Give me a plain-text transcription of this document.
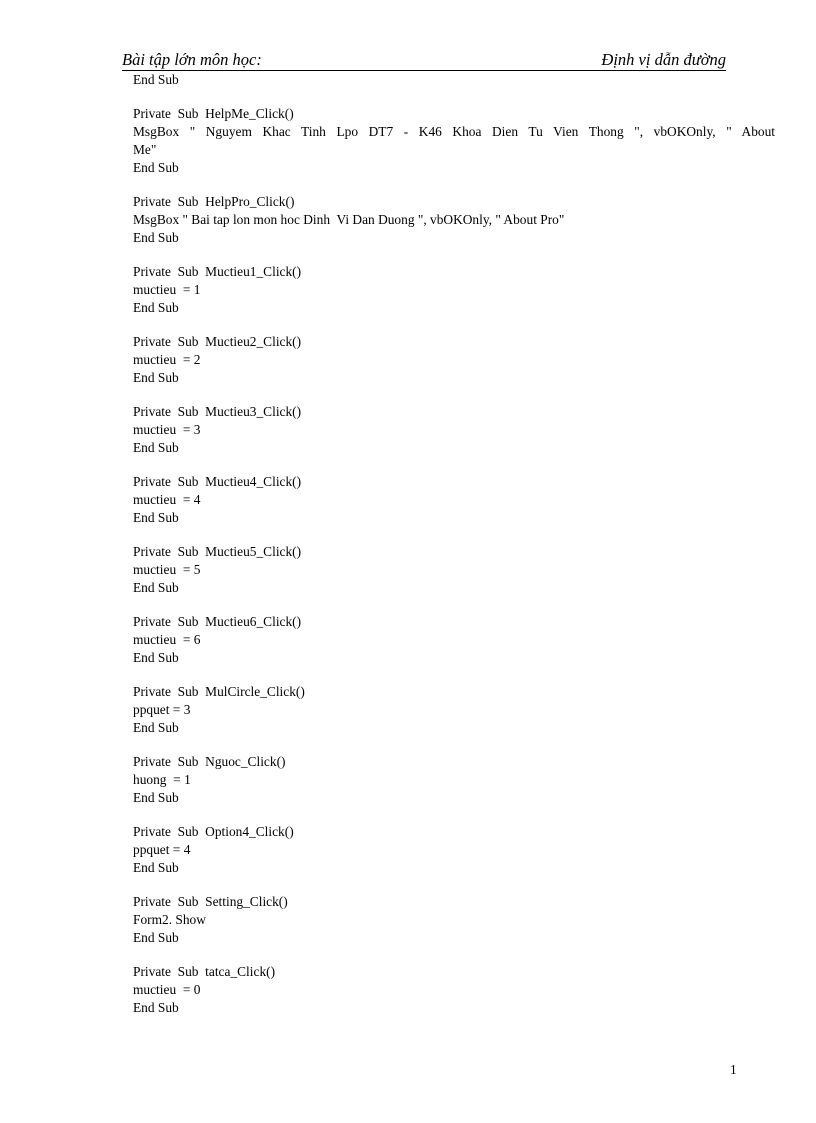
Bài tập lớn môn học:	Định vị dẫn đường
End Sub
Private  Sub  HelpMe_Click()
MsgBox " Nguyem Khac Tinh Lpo DT7 - K46 Khoa Dien Tu Vien Thong ", vbOKOnly, " About
Me"
End Sub
Private  Sub  HelpPro_Click()
MsgBox " Bai tap lon mon hoc Dinh  Vi Dan Duong ", vbOKOnly, " About Pro"
End Sub
Private  Sub  Muctieu1_Click()
muctieu  = 1
End Sub
Private  Sub  Muctieu2_Click()
muctieu  = 2
End Sub
Private  Sub  Muctieu3_Click()
muctieu  = 3
End Sub
Private  Sub  Muctieu4_Click()
muctieu  = 4
End Sub
Private  Sub  Muctieu5_Click()
muctieu  = 5
End Sub
Private  Sub  Muctieu6_Click()
muctieu  = 6
End Sub
Private  Sub  MulCircle_Click()
ppquet = 3
End Sub
Private  Sub  Nguoc_Click()
huong  = 1
End Sub
Private  Sub  Option4_Click()
ppquet = 4
End Sub
Private  Sub  Setting_Click()
Form2. Show
End Sub
Private  Sub  tatca_Click()
muctieu  = 0
End Sub
1
